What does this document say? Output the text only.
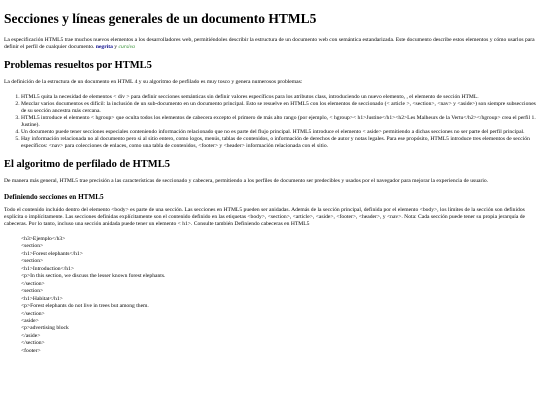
Secciones y líneas generales de un documento HTML5

La especificación HTML5 trae muchos nuevos elementos a los desarrolladores web, permitiéndoles describir la estructura de un documento web con semántica estandarizada. Este documento describe estos elementos y cómo usarlos para definir el perfil de cualquier documento. negrita y cursiva

Problemas resueltos por HTML5

La definición de la estructura de un documento en HTML 4 y su algoritmo de perfilado es muy tosco y genera numerosos problemas:

1. HTML5 quita la necesidad de elementos < div > para definir secciones semánticas sin definir valores específicos para los atributos class, introduciendo un nuevo elemento, , el elemento de sección HTML.
2. Mezclar varios documentos es difícil: la inclusión de un sub-documento en un documento principal. Esto se resuelve en HTML5 con los elementos de seccionado (< article >, <section>, <nav> y <aside>) son siempre subsecciones de su sección ancestra más cercana.
3. HTML5 introduce el elemento < hgroup> que oculta todos los elementos de cabecera excepto el primero de más alto rango (por ejemplo, < hgroup>< h1>Justine</h1><h2>Les Malheurs de la Vertu</h2></hgroup> crea el perfil 1. Justine).
4. Un documento puede tener secciones especiales conteniendo información relacionado que no es parte del flujo principal. HTML5 introduce el elemento < aside> permitiendo a dichas secciones no ser parte del perfil principal.
5. Hay información relacionada no al documento pero si al sitio entero, como logos, menús, tablas de contenidos, o información de derechos de autor y notas legales. Para ese propósito, HTML5 introduce tres elementos de sección específicos: <nav> para colecciones de enlaces, como una tabla de contenidos, <footer> y <header> información relacionada con el sitio.
El algoritmo de perfilado de HTML5

De manera más general, HTML5 trae precisión a las características de seccionado y cabecera, permitiendo a los perfiles de documento ser predecibles y usados por el navegador para mejorar la experiencia de usuario.

Definiendo secciones en HTML5

Todo el contenido incluido dentro del elemento <body> es parte de una sección. Las secciones en HTML5 pueden ser anidadas. Además de la sección principal, definida por el elemento <body>, los límites de la sección son definidos explícita o implícitamente. Las secciones definidas explícitamente son el contenido definido en las etiquetas <body>, <section>, <article>, <aside>, <footer>, <header>, y <nav>. Nota: Cada sección puede tener su propia jerarquía de cabeceras. Por lo tanto, incluso una sección anidada puede tener un elemento < h1>. Consulte también Definiendo cabeceras en HTML5

<h3>Ejemplo</h3>
<section>
<h1>Forest elephants</h1>
<section>
<h1>Introduction</h1>
<p>In this section, we discuss the lesser known forest elephants.
</section>
<section>
<h1>Habitat</h1>
<p>Forest elephants do not live in trees but among them.
</section>
<aside>
<p>advertising block
</aside>
</section>
<footer>
